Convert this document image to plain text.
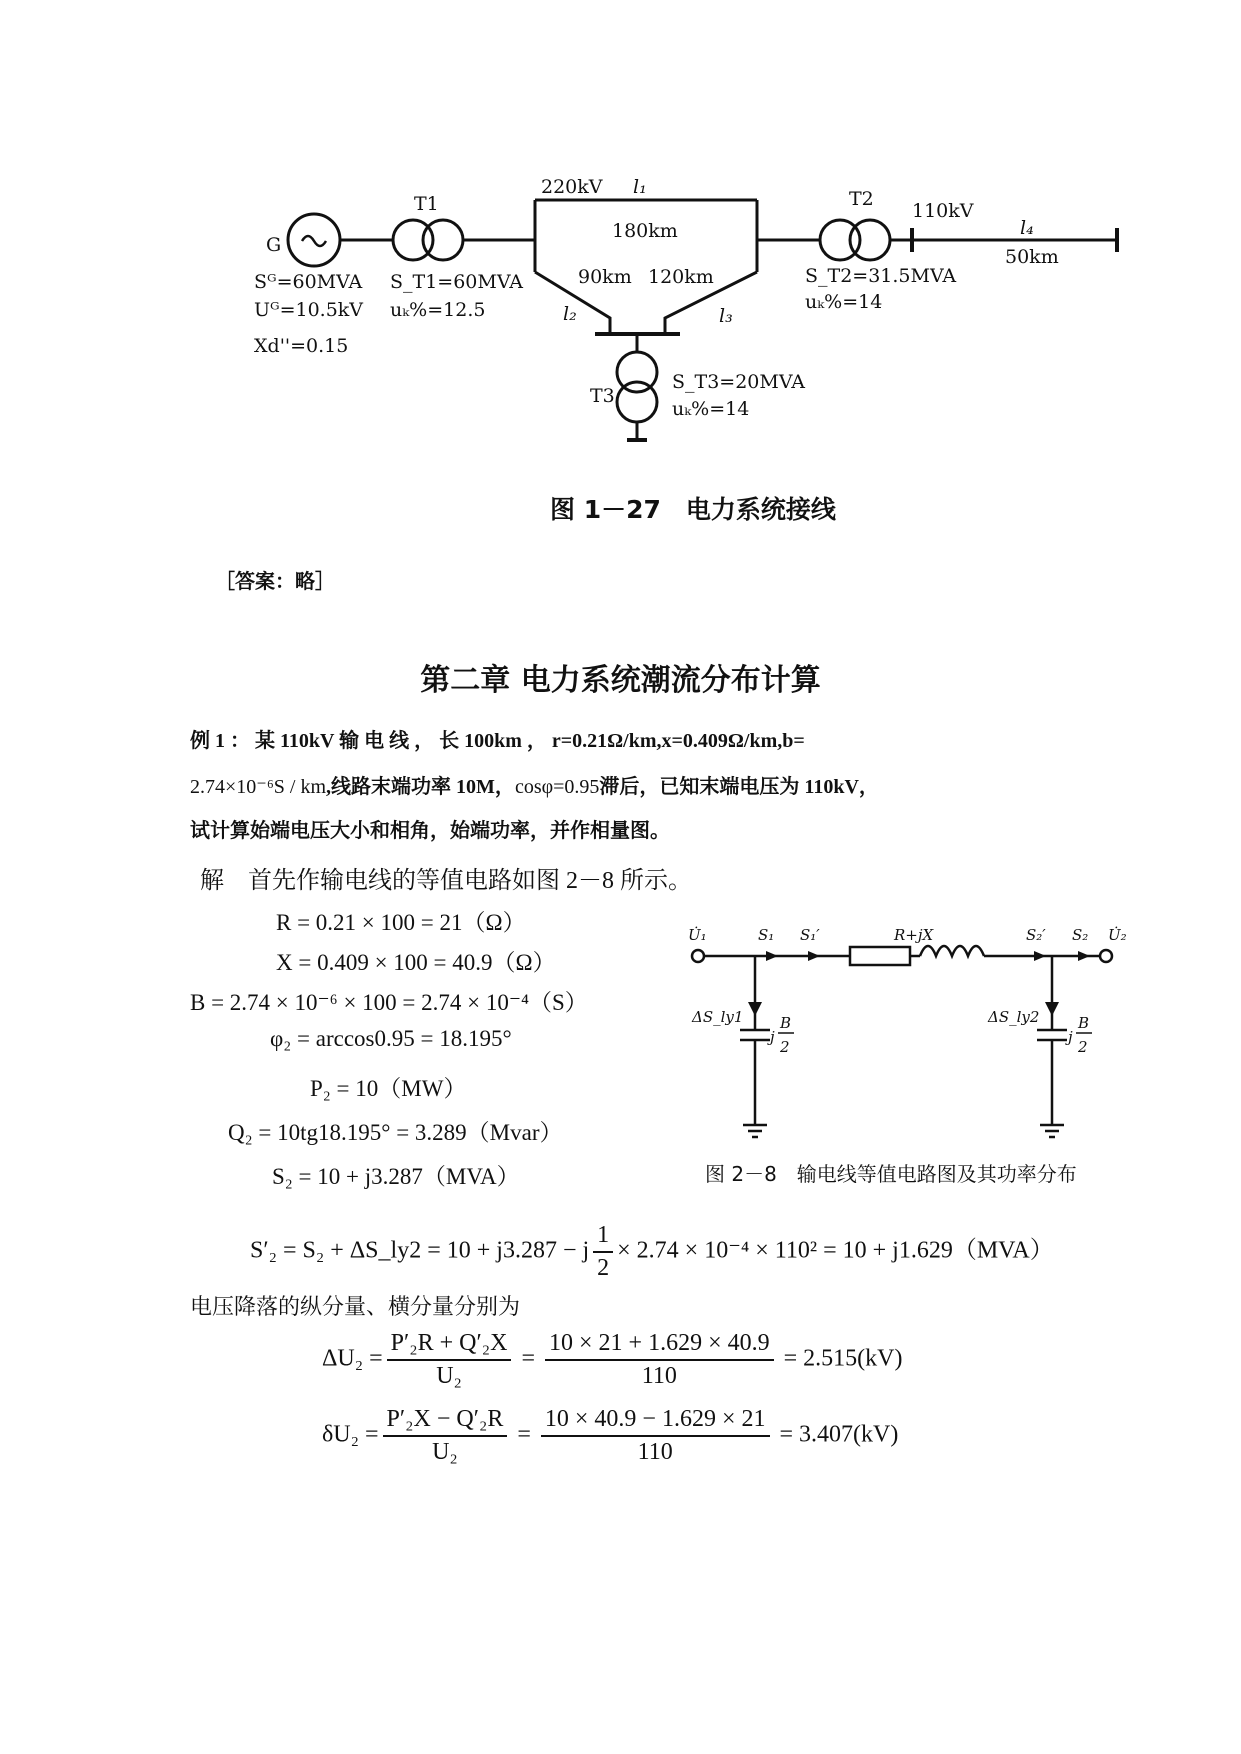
G
T1
220kV l₁
180km
90km 120km
l₂	l₃
T2
110kV
l₄
50km
Sᴳ=60MVA
Uᴳ=10.5kV
Xd''=0.15
S_T1=60MVA
uₖ%=12.5
S_T2=31.5MVA
uₖ%=14
T3
S_T3=20MVA
uₖ%=14
图 1－27　电力系统接线
［答案：略］
第二章 电力系统潮流分布计算
例 1 ： 某 110kV 输 电 线 ， 长 100km ， r=0.21Ω/km,x=0.409Ω/km,b=
2.74×10⁻⁶S / km,线路末端功率 10M，cosφ=0.95滞后，已知末端电压为 110kV，
试计算始端电压大小和相角，始端功率，并作相量图。
解　首先作输电线的等值电路如图 2－8 所示。
R = 0.21 × 100 = 21（Ω）
X = 0.409 × 100 = 40.9（Ω）
B = 2.74 × 10⁻⁶ × 100 = 2.74 × 10⁻⁴（S）
φ₂ = arccos0.95 = 18.195°
P₂ = 10（MW）
Q₂ = 10tg18.195° = 3.289（Mvar）
S₂ = 10 + j3.287（MVA）
U̇₁	S₁ S₁′	R+jX	S₂′ S₂ U̇₂
ΔS_ly1	ΔS_ly2
j
B
2
j
B
2
图 2－8　输电线等值电路图及其功率分布
S′₂ = S₂ + ΔS_ly2 = 10 + j3.287 − j $\frac{1}{2} \times 2.74 \times 10^{-4} \times 110^2 = 10 + j1.629(MVA)$
电压降落的纵分量、横分量分别为
$\Delta U_2 = \frac{\text{P′₂R + Q′₂X}}{\text{U₂}} = \frac{10 \times 21 + 1.629 \times 40.9}{110} = 2.515(kV)$
$\delta U_2 = \frac{\text{P′₂X − Q′₂R}}{\text{U₂}} = \frac{10 \times 40.9 - 1.629 \times 21}{110} = 3.407(kV)$
